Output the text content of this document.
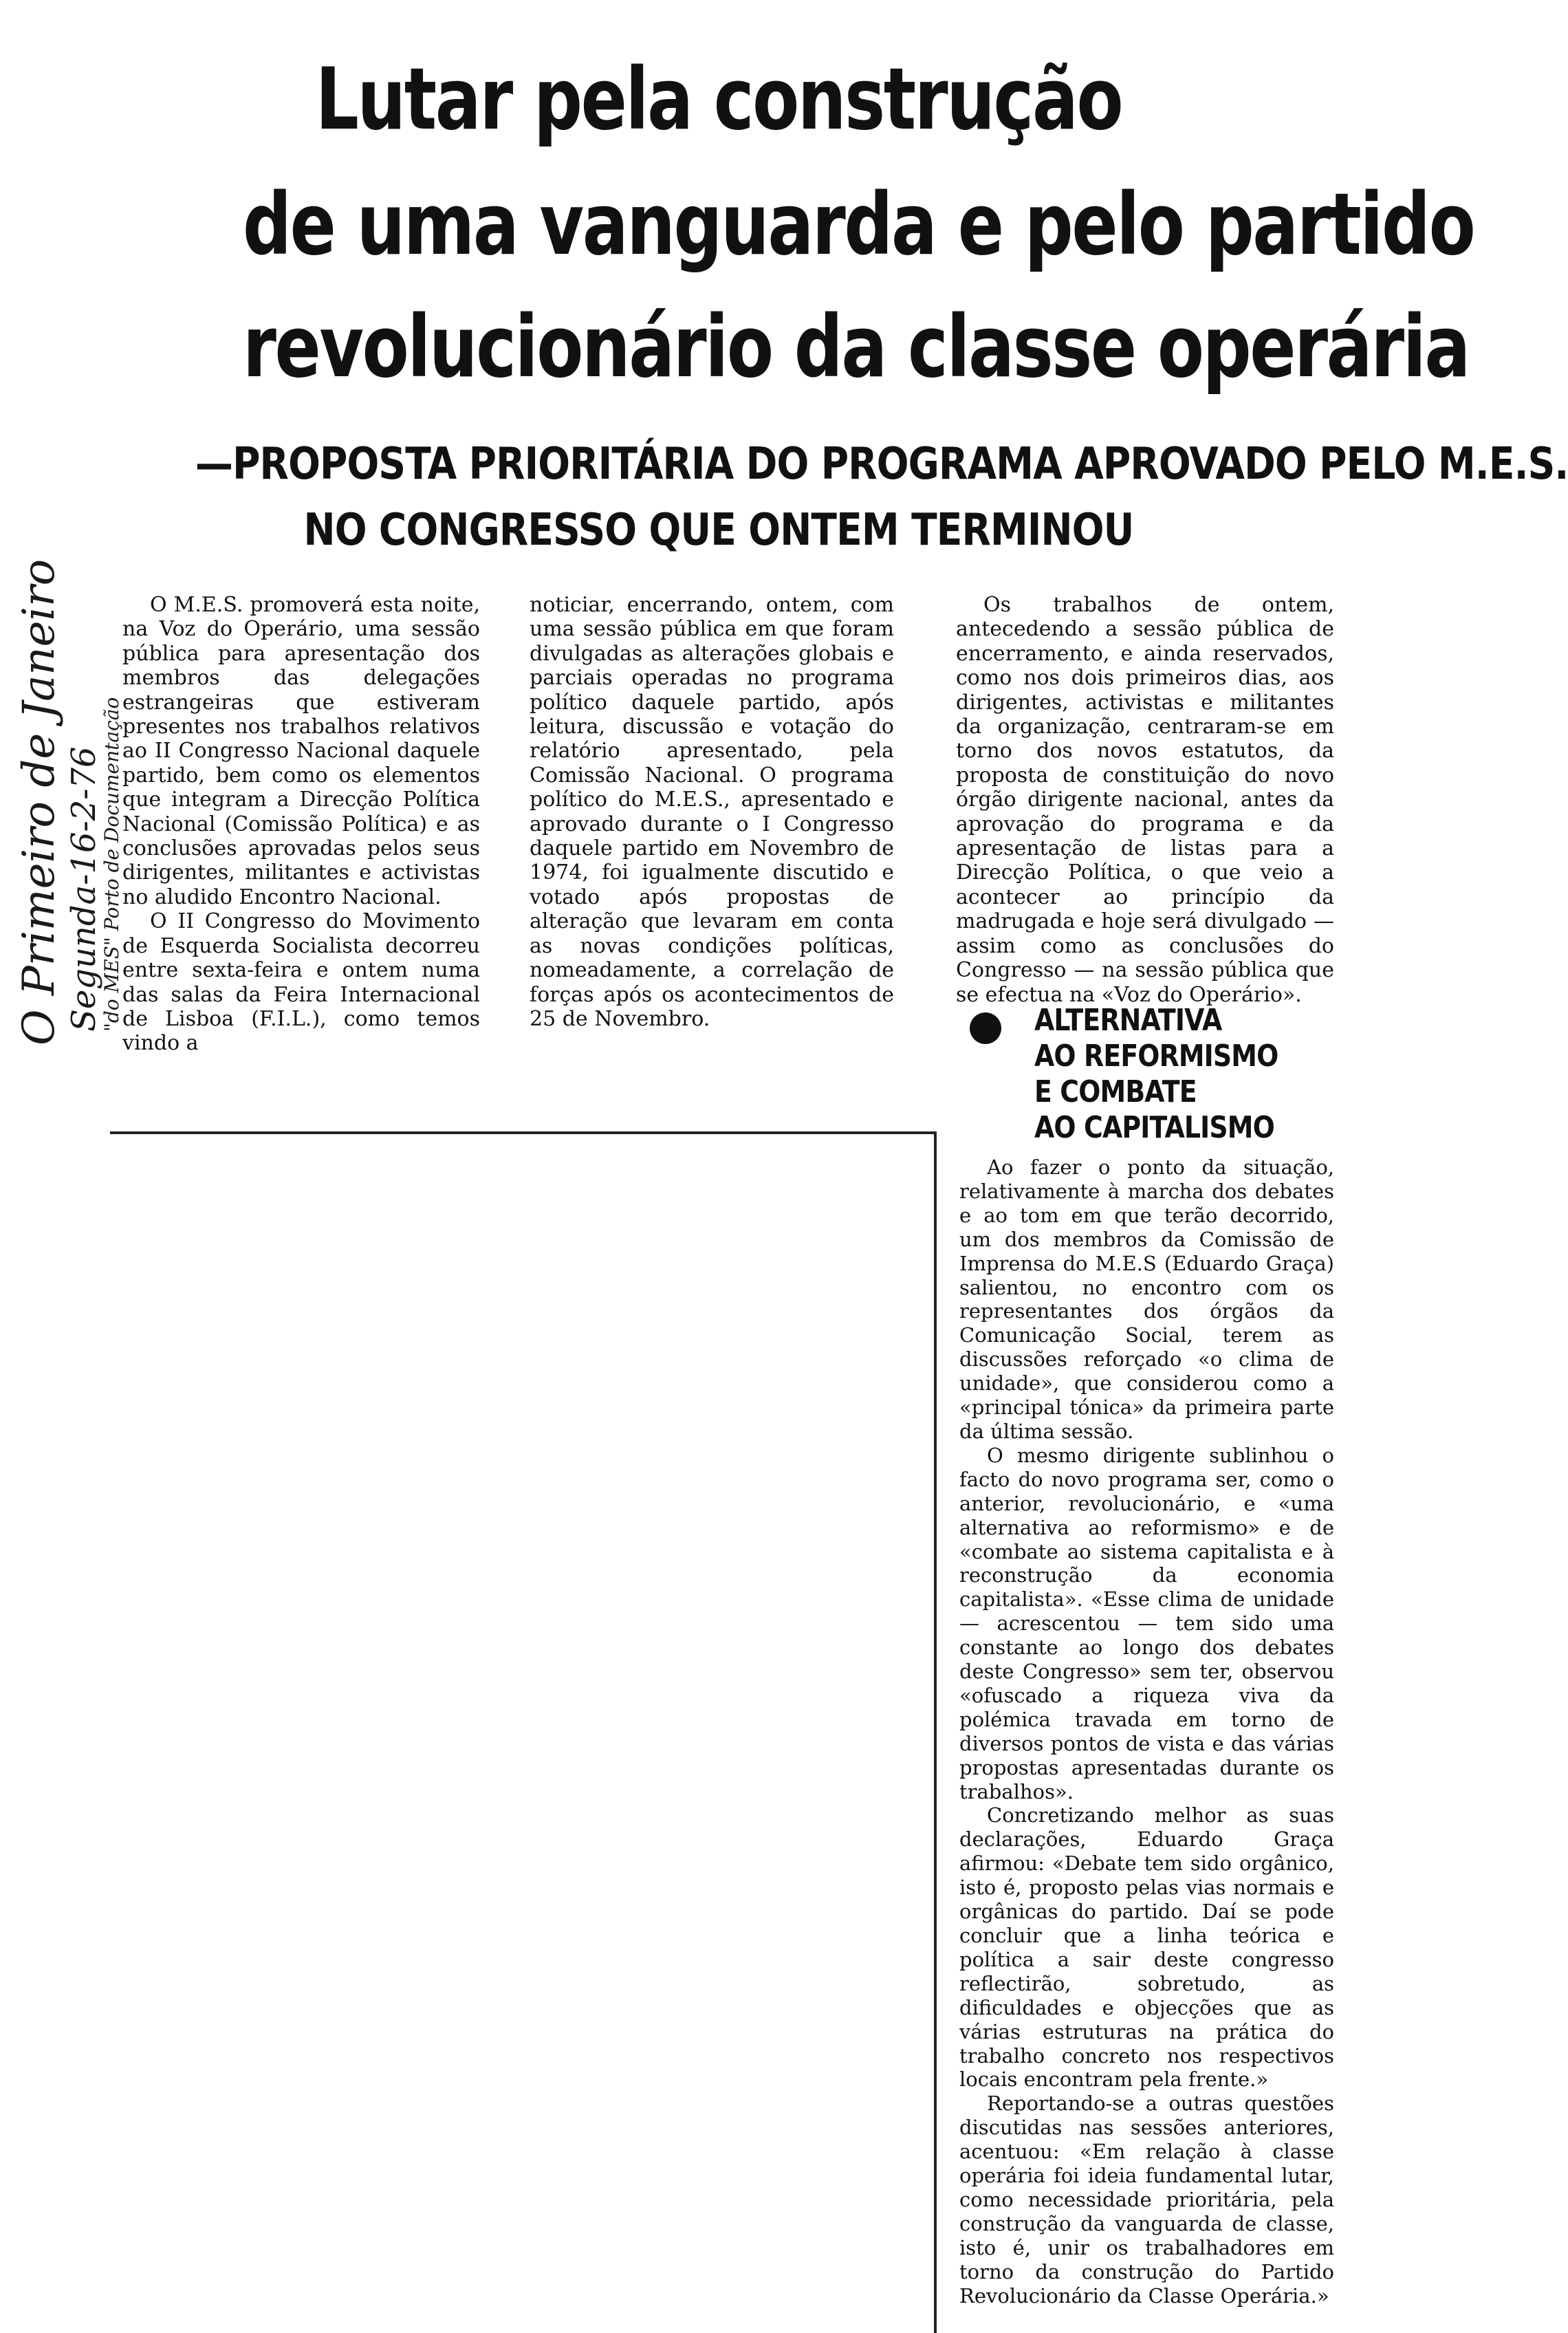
O Primeiro de Janeiro Segunda-16-2-76
"do MES" Porto de Documentação
Lutar pela construção
de uma vanguarda e pelo partido
revolucionário da classe operária
—PROPOSTA PRIORITÁRIA DO PROGRAMA APROVADO PELO M.E.S.
NO CONGRESSO QUE ONTEM TERMINOU

O M.E.S. promoverá esta noite, na Voz do Operário, uma sessão pública para apresentação dos membros das delegações estrangeiras que estiveram presentes nos trabalhos relativos ao II Congresso Nacional daquele partido, bem como os elementos que integram a Direcção Política Nacional (Comissão Política) e as conclusões aprovadas pelos seus dirigentes, militantes e activistas no aludido Encontro Nacional.

O II Congresso do Movimento de Esquerda Socialista decorreu entre sexta-feira e ontem numa das salas da Feira Internacional de Lisboa (F.I.L.), como temos vindo a

noticiar, encerrando, ontem, com uma sessão pública em que foram divulgadas as alterações globais e parciais operadas no programa político daquele partido, após leitura, discussão e votação do relatório apresentado, pela Comissão Nacional. O programa político do M.E.S., apresentado e aprovado durante o I Congresso daquele partido em Novembro de 1974, foi igualmente discutido e votado após propostas de alteração que levaram em conta as novas condições políticas, nomeadamente, a correlação de forças após os acontecimentos de 25 de Novembro.

Os trabalhos de ontem, antecedendo a sessão pública de encerramento, e ainda reservados, como nos dois primeiros dias, aos dirigentes, activistas e militantes da organização, centraram-se em torno dos novos estatutos, da proposta de constituição do novo órgão dirigente nacional, antes da aprovação do programa e da apresentação de listas para a Direcção Política, o que veio a acontecer ao princípio da madrugada e hoje será divulgado — assim como as conclusões do Congresso — na sessão pública que se efectua na «Voz do Operário».

ALTERNATIVA
AO REFORMISMO
E COMBATE
AO CAPITALISMO

Ao fazer o ponto da situação, relativamente à marcha dos debates e ao tom em que terão decorrido, um dos membros da Comissão de Imprensa do M.E.S (Eduardo Graça) salientou, no encontro com os representantes dos órgãos da Comunicação Social, terem as discussões reforçado «o clima de unidade», que considerou como a «principal tónica» da primeira parte da última sessão.

O mesmo dirigente sublinhou o facto do novo programa ser, como o anterior, revolucionário, e «uma alternativa ao reformismo» e de «combate ao sistema capitalista e à reconstrução da economia capitalista». «Esse clima de unidade — acrescentou — tem sido uma constante ao longo dos debates deste Congresso» sem ter, observou «ofuscado a riqueza viva da polémica travada em torno de diversos pontos de vista e das várias propostas apresentadas durante os trabalhos».

Concretizando melhor as suas declarações, Eduardo Graça afirmou: «Debate tem sido orgânico, isto é, proposto pelas vias normais e orgânicas do partido. Daí se pode concluir que a linha teórica e política a sair deste congresso reflectirão, sobretudo, as dificuldades e objecções que as várias estruturas na prática do trabalho concreto nos respectivos locais encontram pela frente.»

Reportando-se a outras questões discutidas nas sessões anteriores, acentuou: «Em relação à classe operária foi ideia fundamental lutar, como necessidade prioritária, pela construção da vanguarda de classe, isto é, unir os trabalhadores em torno da construção do Partido Revolucionário da Classe Operária.»
